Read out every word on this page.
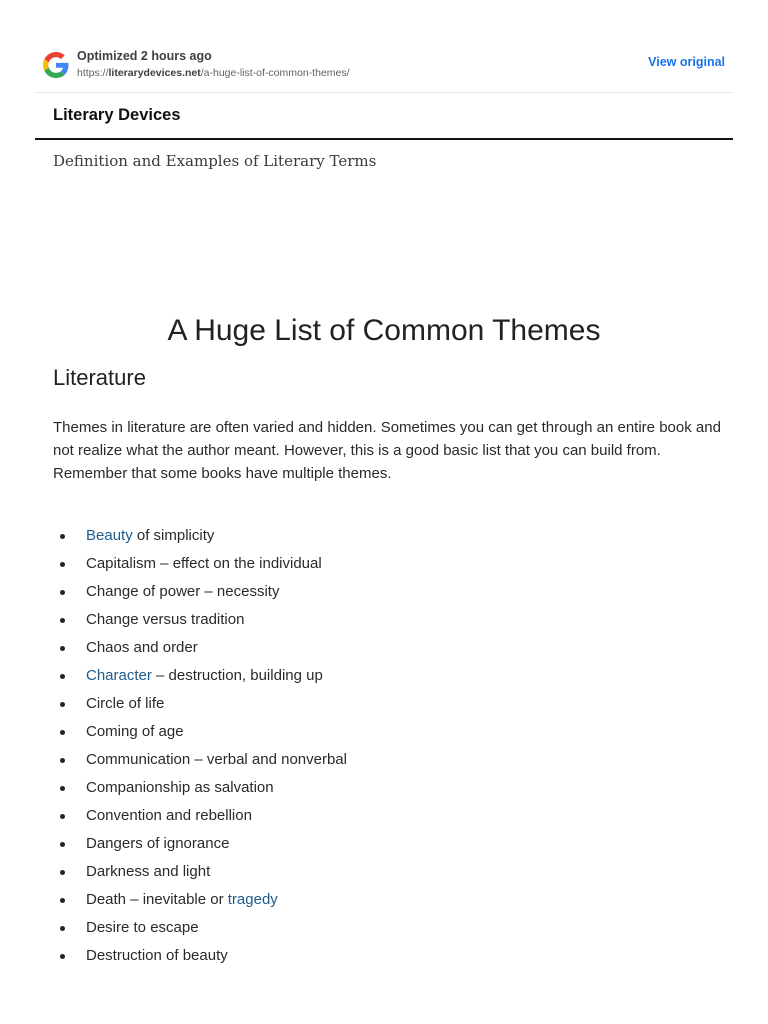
Optimized 2 hours ago
https://literarydevices.net/a-huge-list-of-common-themes/
View original
Literary Devices
Definition and Examples of Literary Terms
A Huge List of Common Themes
Literature

Themes in literature are often varied and hidden. Sometimes you can get through an entire book and not realize what the author meant. However, this is a good basic list that you can build from. Remember that some books have multiple themes.

Beauty of simplicity
Capitalism – effect on the individual
Change of power – necessity
Change versus tradition
Chaos and order
Character – destruction, building up
Circle of life
Coming of age
Communication – verbal and nonverbal
Companionship as salvation
Convention and rebellion
Dangers of ignorance
Darkness and light
Death – inevitable or tragedy
Desire to escape
Destruction of beauty
